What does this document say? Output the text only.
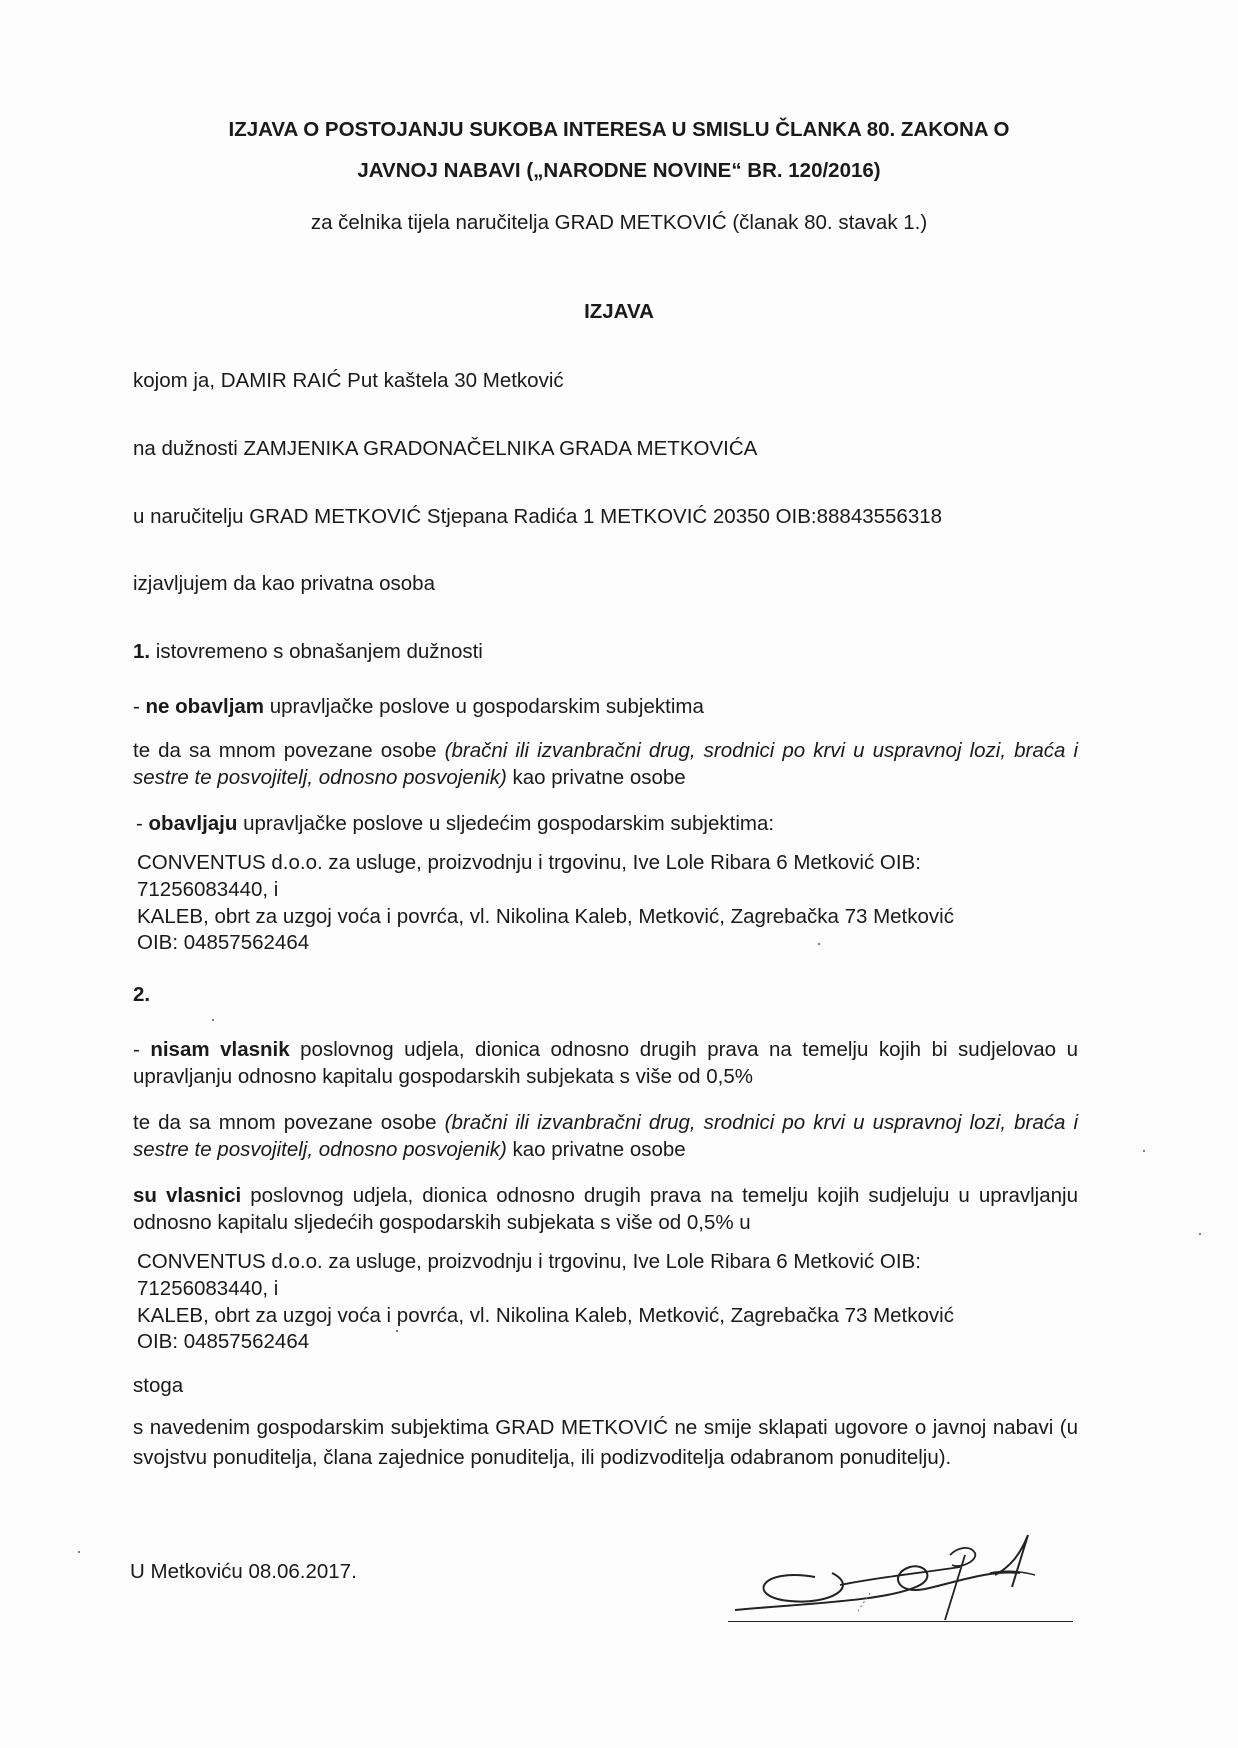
IZJAVA O POSTOJANJU SUKOBA INTERESA U SMISLU ČLANKA 80. ZAKONA O
JAVNOJ NABAVI („NARODNE NOVINE“ BR. 120/2016)
za čelnika tijela naručitelja GRAD METKOVIĆ (članak 80. stavak 1.)
IZJAVA
kojom ja, DAMIR RAIĆ Put kaštela 30 Metković
na dužnosti ZAMJENIKA GRADONAČELNIKA GRADA METKOVIĆA
u naručitelju GRAD METKOVIĆ Stjepana Radića 1 METKOVIĆ 20350 OIB:88843556318
izjavljujem da kao privatna osoba
1. istovremeno s obnašanjem dužnosti
- ne obavljam upravljačke poslove u gospodarskim subjektima
te da sa mnom povezane osobe (bračni ili izvanbračni drug, srodnici po krvi u uspravnoj lozi, braća i sestre te posvojitelj, odnosno posvojenik) kao privatne osobe
- obavljaju upravljačke poslove u sljedećim gospodarskim subjektima:
CONVENTUS d.o.o. za usluge, proizvodnju i trgovinu, Ive Lole Ribara 6 Metković OIB:
71256083440, i
KALEB, obrt za uzgoj voća i povrća, vl. Nikolina Kaleb, Metković, Zagrebačka 73 Metković
OIB: 04857562464
2.
- nisam vlasnik poslovnog udjela, dionica odnosno drugih prava na temelju kojih bi sudjelovao u upravljanju odnosno kapitalu gospodarskih subjekata s više od 0,5%
te da sa mnom povezane osobe (bračni ili izvanbračni drug, srodnici po krvi u uspravnoj lozi, braća i sestre te posvojitelj, odnosno posvojenik) kao privatne osobe
su vlasnici poslovnog udjela, dionica odnosno drugih prava na temelju kojih sudjeluju u upravljanju odnosno kapitalu sljedećih gospodarskih subjekata s više od 0,5% u
CONVENTUS d.o.o. za usluge, proizvodnju i trgovinu, Ive Lole Ribara 6 Metković OIB:
71256083440, i
KALEB, obrt za uzgoj voća i povrća, vl. Nikolina Kaleb, Metković, Zagrebačka 73 Metković
OIB: 04857562464
stoga
s navedenim gospodarskim subjektima GRAD METKOVIĆ ne smije sklapati ugovore o javnoj nabavi (u svojstvu ponuditelja, člana zajednice ponuditelja, ili podizvoditelja odabranom ponuditelju).
U Metkoviću 08.06.2017.
